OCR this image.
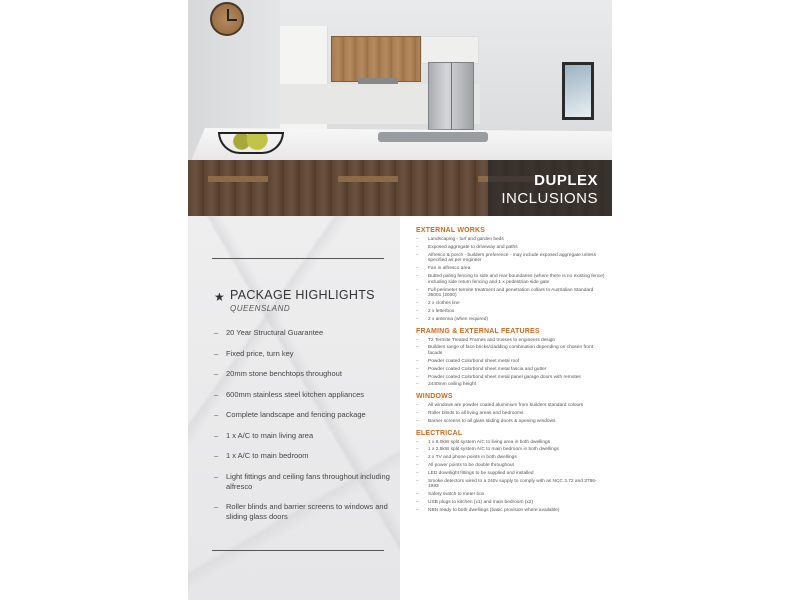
DUPLEX
INCLUSIONS
★ PACKAGE HIGHLIGHTS
QUEENSLAND
– 20 Year Structural Guarantee
– Fixed price, turn key
– 20mm stone benchtops throughout
– 600mm stainless steel kitchen appliances
– Complete landscape and fencing package
– 1 x A/C to main living area
– 1 x A/C to main bedroom
– Light fittings and ceiling fans throughout including alfresco
– Roller blinds and barrier screens to windows and sliding glass doors
EXTERNAL WORKS
– Landscaping - turf and garden beds
– Exposed aggregate to driveway and paths
– Alfresco & porch - builders preference - may include exposed aggregate unless specified as per engineer
– Fan in alfresco area
– Butted paling fencing to side and rear boundaries (where there is no existing fence) including side return fencing and 1 x pedestrian side gate
– Full perimeter termite treatment and penetration collars to Australian Standard 36001 (2000)
– 2 x clothes line
– 2 x letterbox
– 2 x antenna (when required)
FRAMING & EXTERNAL FEATURES
– T2 Termite Treated Frames and trusses to engineers design
– Builders range of face bricks/cladding combination depending on chosen front facade
– Powder coated Colorbond sheet metal roof
– Powder coated Colorbond sheet metal fascia and gutter
– Powder coated Colorbond sheet metal panel garage doors with remotes
– 2440mm ceiling height
WINDOWS
– All windows are powder coated aluminium from builders standard colours
– Roller blinds to all living areas and bedrooms
– Barrier screens to all glass sliding doors & opening windows
ELECTRICAL
– 1 x 6.0kW split system A/C to living area in both dwellings
– 1 x 2.5kW split system A/C to main bedroom in both dwellings
– 2 x TV and phone points in both dwellings
– All power points to be double throughout
– LED downlight fittings to be supplied and installed
– Smoke detectors wired to a 240v supply to comply with as NCC 3.72 and 3786-1993
– Safety switch to meter box
– USB plugs to kitchen (x1) and main bedroom (x2)
– NBN ready to both dwellings (basic provision where available)
